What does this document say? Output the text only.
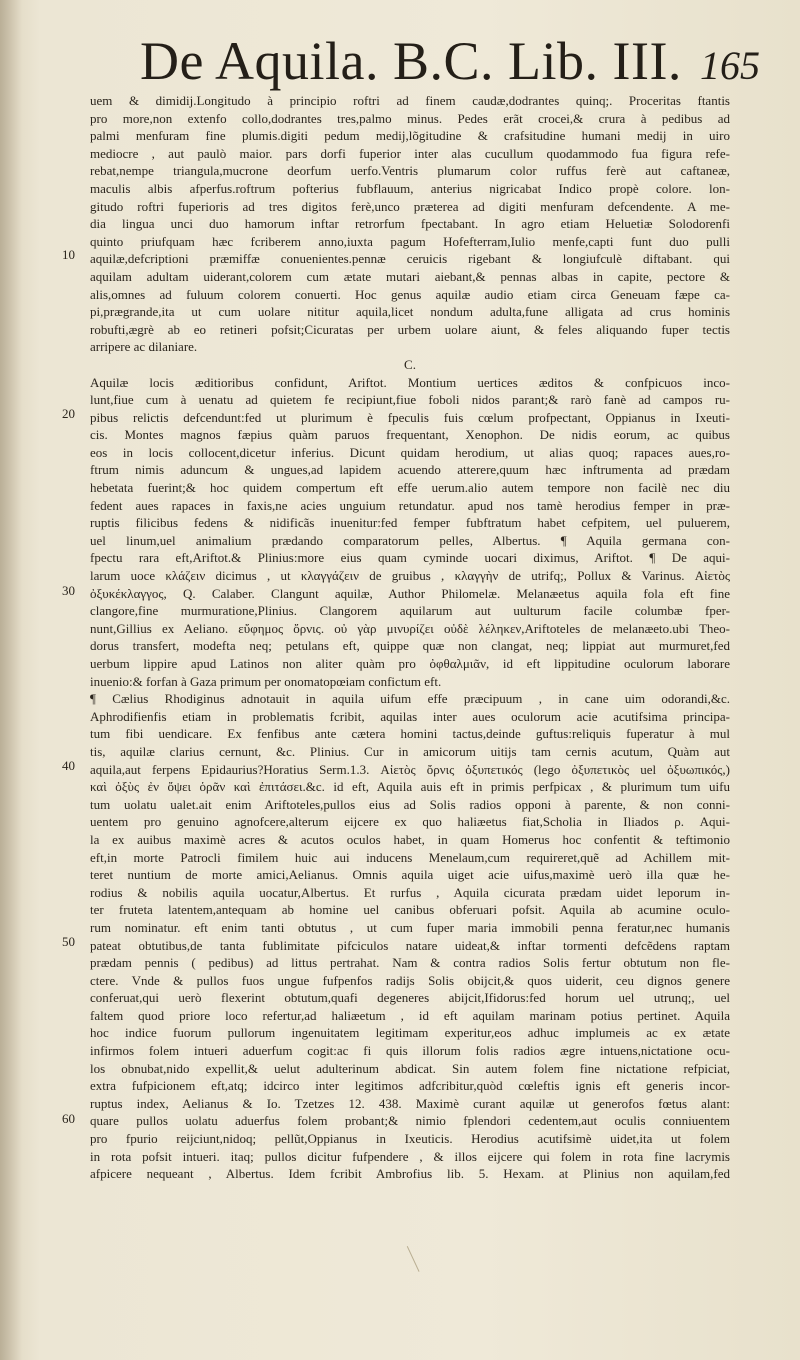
De Aquila. B.C. Lib. III. 165
10
20
30
40
50
60
uem & dimidij.Longitudo à principio roftri ad finem caudæ,dodrantes quinq;. Proceritas ftantis
pro more,non extenfo collo,dodrantes tres,palmo minus. Pedes erãt crocei,& crura à pedibus ad
palmi menfuram fine plumis.digiti pedum medij,lõgitudine & crafsitudine humani medij in uiro
mediocre , aut paulò maior. pars dorfi fuperior inter alas cucullum quodammodo fua figura refe-
rebat,nempe triangula,mucrone deorfum uerfo.Ventris plumarum color ruffus ferè aut caftaneæ,
maculis albis afperfus.roftrum pofterius fubflauum, anterius nigricabat Indico propè colore. lon-
gitudo roftri fuperioris ad tres digitos ferè,unco præterea ad digiti menfuram defcendente. A me-
dia lingua unci duo hamorum inftar retrorfum fpectabant. In agro etiam Heluetiæ Solodorenfi
quinto priufquam hæc fcriberem anno,iuxta pagum Hofefterram,Iulio menfe,capti funt duo pulli
aquilæ,defcriptioni præmiffæ conuenientes.pennæ ceruicis rigebant & longiufculè diftabant. qui
aquilam adultam uiderant,colorem cum ætate mutari aiebant,& pennas albas in capite, pectore &
alis,omnes ad fuluum colorem conuerti. Hoc genus aquilæ audio etiam circa Geneuam fæpe ca-
pi,prægrande,ita ut cum uolare nititur aquila,licet nondum adulta,fune alligata ad crus hominis
robufti,ægrè ab eo retineri pofsit;Cicuratas per urbem uolare aiunt, & feles aliquando fuper tectis
arripere ac dilaniare.
C.
Aquilæ locis æditioribus confidunt, Ariftot. Montium uertices æditos & confpicuos inco-
lunt,fiue cum à uenatu ad quietem fe recipiunt,fiue foboli nidos parant;& rarò fanè ad campos ru-
pibus relictis defcendunt:fed ut plurimum è fpeculis fuis cœlum profpectant, Oppianus in Ixeuti-
cis. Montes magnos fæpius quàm paruos frequentant, Xenophon. De nidis eorum, ac quibus
eos in locis collocent,dicetur inferius. Dicunt quidam herodium, ut alias quoq; rapaces aues,ro-
ftrum nimis aduncum & ungues,ad lapidem acuendo atterere,quum hæc inftrumenta ad prædam
hebetata fuerint;& hoc quidem compertum eft effe uerum.alio autem tempore non facilè nec diu
fedent aues rapaces in faxis,ne acies unguium retundatur. apud nos tamè herodius femper in præ-
ruptis filicibus fedens & nidificãs inuenitur:fed femper fubftratum habet cefpitem, uel puluerem,
uel linum,uel animalium prædando comparatorum pelles, Albertus. ¶ Aquila germana con-
fpectu rara eft,Ariftot.& Plinius:more eius quam cyminde uocari diximus, Ariftot. ¶ De aqui-
larum uoce κλάζειν dicimus , ut κλαγγάζειν de gruibus , κλαγγὴν de utrifq;, Pollux & Varinus. Αἰετὸς
ὀξυκέκλαγγος, Q. Calaber. Clangunt aquilæ, Author Philomelæ. Melanæetus aquila fola eft fine
clangore,fine murmuratione,Plinius. Clangorem aquilarum aut uulturum facile columbæ fper-
nunt,Gillius ex Aeliano. εὔφημος ὄρνις. οὐ γὰρ μινυρίζει οὐδὲ λέληκεν,Ariftoteles de melanæeto.ubi Theo-
dorus transfert, modefta neq; petulans eft, quippe quæ non clangat, neq; lippiat aut murmuret,fed
uerbum lippire apud Latinos non aliter quàm pro ὀφθαλμιᾶν, id eft lippitudine oculorum laborare
inuenio:& forfan à Gaza primum per onomatopœiam confictum eft.
¶ Cælius Rhodiginus adnotauit in aquila uifum effe præcipuum , in cane uim odorandi,&c.
Aphrodifienfis etiam in problematis fcribit, aquilas inter aues oculorum acie acutifsima principa-
tum fibi uendicare. Ex fenfibus ante cætera homini tactus,deinde guftus:reliquis fuperatur à mul
tis, aquilæ clarius cernunt, &c. Plinius. Cur in amicorum uitijs tam cernis acutum, Quàm aut
aquila,aut ferpens Epidaurius?Horatius Serm.1.3. Αἰετὸς ὄρνις ὀξυπετικός (lego ὀξυπετικὸς uel ὀξυωπικός,)
καὶ ὀξὺς ἐν ὄψει ὁρᾶν καὶ ἐπιτάσει.&c. id eft, Aquila auis eft in primis perfpicax , & plurimum tum uifu
tum uolatu ualet.ait enim Ariftoteles,pullos eius ad Solis radios opponi à parente, & non conni-
uentem pro genuino agnofcere,alterum eijcere ex quo haliæetus fiat,Scholia in Iliados ρ. Aqui-
la ex auibus maximè acres & acutos oculos habet, in quam Homerus hoc confentit & teftimonio
eft,in morte Patrocli fimilem huic aui inducens Menelaum,cum requireret,quẽ ad Achillem mit-
teret nuntium de morte amici,Aelianus. Omnis aquila uiget acie uifus,maximè uerò illa quæ he-
rodius & nobilis aquila uocatur,Albertus. Et rurfus , Aquila cicurata prædam uidet leporum in-
ter fruteta latentem,antequam ab homine uel canibus obferuari pofsit. Aquila ab acumine oculo-
rum nominatur. eft enim tanti obtutus , ut cum fuper maria immobili penna feratur,nec humanis
pateat obtutibus,de tanta fublimitate pifciculos natare uideat,& inftar tormenti defcẽdens raptam
prædam pennis ( pedibus) ad littus pertrahat. Nam & contra radios Solis fertur obtutum non fle-
ctere. Vnde & pullos fuos ungue fufpenfos radijs Solis obijcit,& quos uiderit, ceu dignos genere
conferuat,qui uerò flexerint obtutum,quafi degeneres abijcit,Ifidorus:fed horum uel utrunq;, uel
faltem quod priore loco refertur,ad haliæetum , id eft aquilam marinam potius pertinet. Aquila
hoc indice fuorum pullorum ingenuitatem legitimam experitur,eos adhuc implumeis ac ex ætate
infirmos folem intueri aduerfum cogit:ac fi quis illorum folis radios ægre intuens,nictatione ocu-
los obnubat,nido expellit,& uelut adulterinum abdicat. Sin autem folem fine nictatione refpiciat,
extra fufpicionem eft,atq; idcirco inter legitimos adfcribitur,quòd cœleftis ignis eft generis incor-
ruptus index, Aelianus & Io. Tzetzes 12. 438. Maximè curant aquilæ ut generofos fœtus alant:
quare pullos uolatu aduerfus folem probant;& nimio fplendori cedentem,aut oculis conniuentem
pro fpurio reijciunt,nidoq; pellũt,Oppianus in Ixeuticis. Herodius acutifsimè uidet,ita ut folem
in rota pofsit intueri. itaq; pullos dicitur fufpendere , & illos eijcere qui folem in rota fine lacrymis
afpicere nequeant , Albertus. Idem fcribit Ambrofius lib. 5. Hexam. at Plinius non aquilam,fed
